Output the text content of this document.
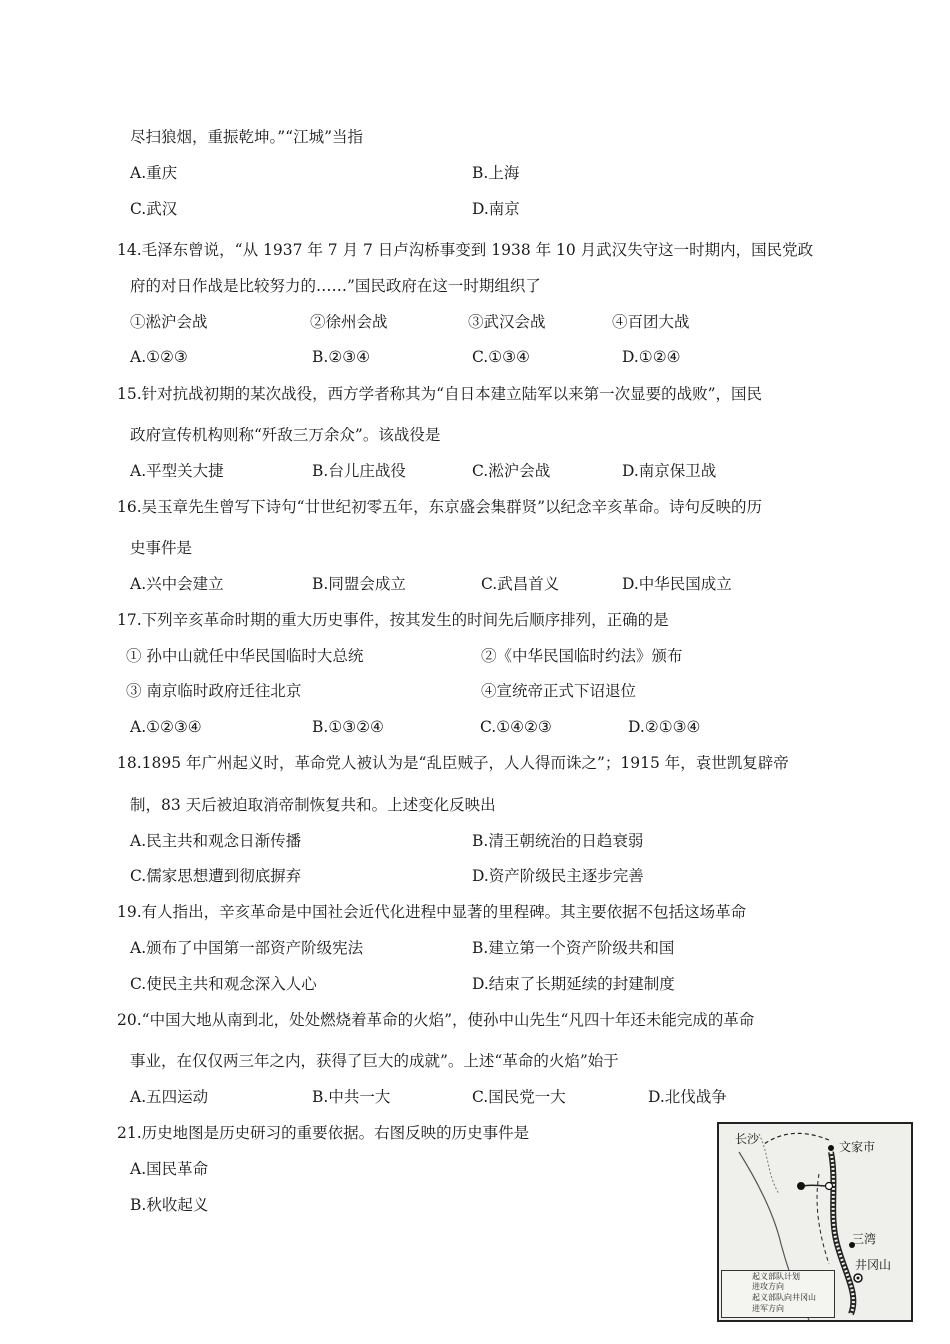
尽扫狼烟，重振乾坤。”“江城”当指
A.重庆	B.上海
C.武汉	D.南京
14.毛泽东曾说，“从 1937 年 7 月 7 日卢沟桥事变到 1938 年 10 月武汉失守这一时期内，国民党政
府的对日作战是比较努力的……”国民政府在这一时期组织了
①淞沪会战	②徐州会战	③武汉会战	④百团大战
A.①②③	B.②③④	C.①③④	D.①②④
15.针对抗战初期的某次战役，西方学者称其为“自日本建立陆军以来第一次显要的战败”，国民
政府宣传机构则称“歼敌三万余众”。该战役是
A.平型关大捷	B.台儿庄战役	C.淞沪会战	D.南京保卫战
16.吴玉章先生曾写下诗句“廿世纪初零五年，东京盛会集群贤”以纪念辛亥革命。诗句反映的历
史事件是
A.兴中会建立	B.同盟会成立	C.武昌首义	D.中华民国成立
17.下列辛亥革命时期的重大历史事件，按其发生的时间先后顺序排列，正确的是
① 孙中山就任中华民国临时大总统	②《中华民国临时约法》颁布
③ 南京临时政府迁往北京	④宣统帝正式下诏退位
A.①②③④	B.①③②④	C.①④②③	D.②①③④
18.1895 年广州起义时，革命党人被认为是“乱臣贼子，人人得而诛之”；1915 年，袁世凯复辟帝
制，83 天后被迫取消帝制恢复共和。上述变化反映出
A.民主共和观念日渐传播	B.清王朝统治的日趋衰弱
C.儒家思想遭到彻底摒弃	D.资产阶级民主逐步完善
19.有人指出，辛亥革命是中国社会近代化进程中显著的里程碑。其主要依据不包括这场革命
A.颁布了中国第一部资产阶级宪法	B.建立第一个资产阶级共和国
C.使民主共和观念深入人心	D.结束了长期延续的封建制度
20.“中国大地从南到北，处处燃烧着革命的火焰”，使孙中山先生“凡四十年还未能完成的革命
事业，在仅仅两三年之内，获得了巨大的成就”。上述“革命的火焰”始于
A.五四运动	B.中共一大	C.国民党一大	D.北伐战争
21.历史地图是历史研习的重要依据。右图反映的历史事件是
A.国民革命
B.秋收起义
长沙
文家市
三湾
井冈山
起义部队计划
进攻方向
起义部队向井冈山
进军方向
